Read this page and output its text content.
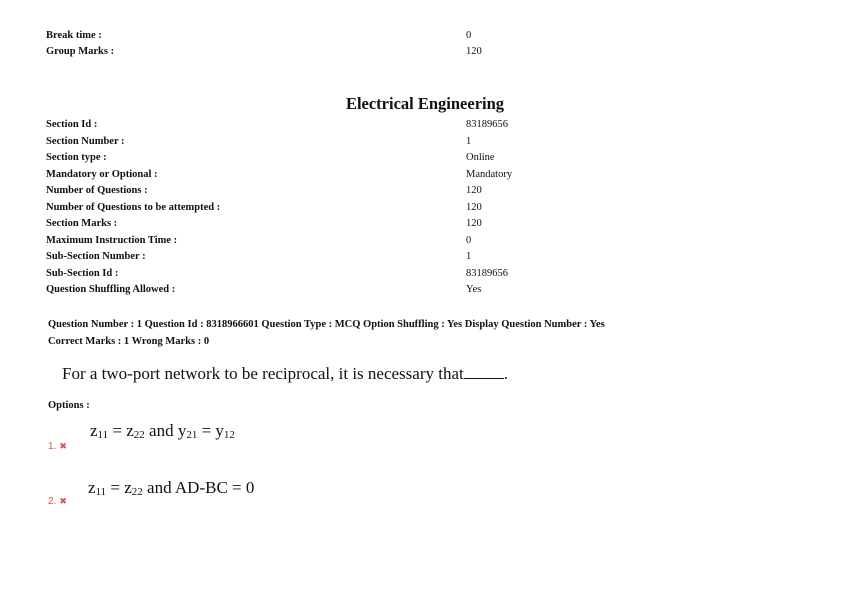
Break time :	0
Group Marks :	120
Electrical Engineering
Section Id :	83189656
Section Number :	1
Section type :	Online
Mandatory or Optional :	Mandatory
Number of Questions :	120
Number of Questions to be attempted :	120
Section Marks :	120
Maximum Instruction Time :	0
Sub-Section Number :	1
Sub-Section Id :	83189656
Question Shuffling Allowed :	Yes
Question Number : 1 Question Id : 8318966601 Question Type : MCQ Option Shuffling : Yes Display Question Number : Yes
Correct Marks : 1 Wrong Marks : 0
For a two-port network to be reciprocal, it is necessary that .
Options :
$z_{11} = z_{22}$ and $y_{21} = y_{12}$
1. ✖
$z_{11} = z_{22}$ and AD-BC = 0
2. ✖
